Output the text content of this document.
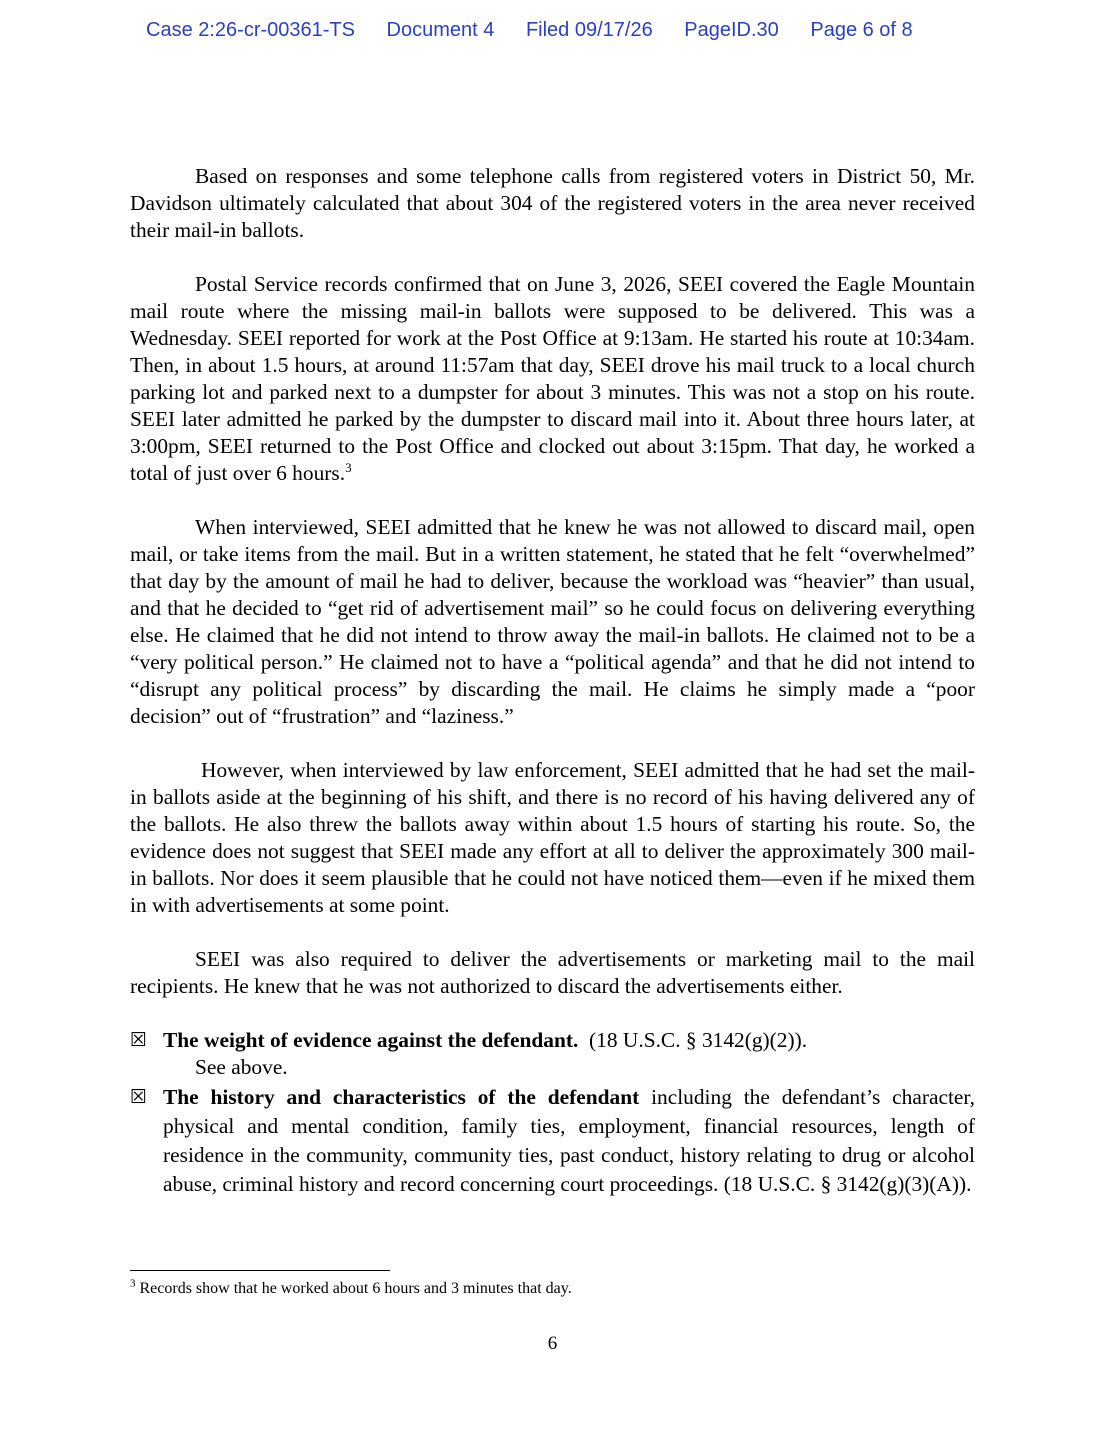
Case 2:26-cr-00361-TS Document 4 Filed 09/17/26 PageID.30 Page 6 of 8

Based on responses and some telephone calls from registered voters in District 50, Mr. Davidson ultimately calculated that about 304 of the registered voters in the area never received their mail-in ballots.

Postal Service records confirmed that on June 3, 2026, SEEI covered the Eagle Mountain mail route where the missing mail-in ballots were supposed to be delivered. This was a Wednesday. SEEI reported for work at the Post Office at 9:13am. He started his route at 10:34am. Then, in about 1.5 hours, at around 11:57am that day, SEEI drove his mail truck to a local church parking lot and parked next to a dumpster for about 3 minutes. This was not a stop on his route. SEEI later admitted he parked by the dumpster to discard mail into it. About three hours later, at 3:00pm, SEEI returned to the Post Office and clocked out about 3:15pm. That day, he worked a total of just over 6 hours.$^3$

When interviewed, SEEI admitted that he knew he was not allowed to discard mail, open mail, or take items from the mail. But in a written statement, he stated that he felt “overwhelmed” that day by the amount of mail he had to deliver, because the workload was “heavier” than usual, and that he decided to “get rid of advertisement mail” so he could focus on delivering everything else. He claimed that he did not intend to throw away the mail-in ballots. He claimed not to be a “very political person.” He claimed not to have a “political agenda” and that he did not intend to “disrupt any political process” by discarding the mail. He claims he simply made a “poor decision” out of “frustration” and “laziness.”

However, when interviewed by law enforcement, SEEI admitted that he had set the mail-in ballots aside at the beginning of his shift, and there is no record of his having delivered any of the ballots. He also threw the ballots away within about 1.5 hours of starting his route. So, the evidence does not suggest that SEEI made any effort at all to deliver the approximately 300 mail-in ballots. Nor does it seem plausible that he could not have noticed them—even if he mixed them in with advertisements at some point.

SEEI was also required to deliver the advertisements or marketing mail to the mail recipients. He knew that he was not authorized to discard the advertisements either.

☒ The weight of evidence against the defendant. (18 U.S.C. § 3142(g)(2)).
See above.
☒ The history and characteristics of the defendant including the defendant’s character, physical and mental condition, family ties, employment, financial resources, length of residence in the community, community ties, past conduct, history relating to drug or alcohol abuse, criminal history and record concerning court proceedings. (18 U.S.C. § 3142(g)(3)(A)).
$^3$ Records show that he worked about 6 hours and 3 minutes that day.
6
